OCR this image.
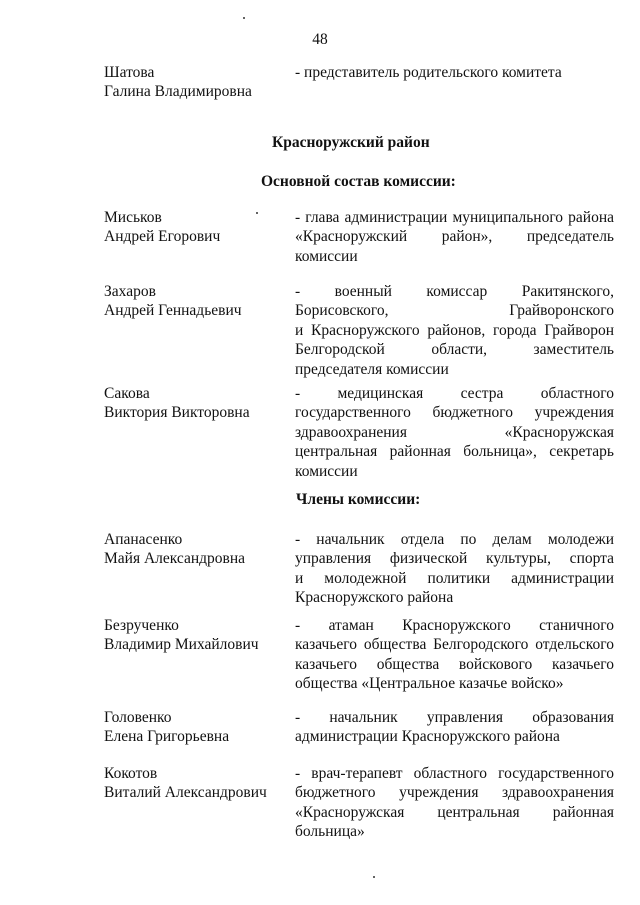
48
Шатова
Галина Владимировна
- представитель родительского комитета
Красноружский район
Основной состав комиссии:
Миськов
Андрей Егорович
- глава администрации муниципального района
«Красноружский район», председатель
комиссии
Захаров
Андрей Геннадьевич
- военный комиссар Ракитянского,
Борисовского, Грайворонского
и Красноружского районов, города Грайворон
Белгородской области, заместитель
председателя комиссии
Сакова
Виктория Викторовна
- медицинская сестра областного
государственного бюджетного учреждения
здравоохранения «Красноружская
центральная районная больница», секретарь
комиссии
Члены комиссии:
Апанасенко
Майя Александровна
- начальник отдела по делам молодежи
управления физической культуры, спорта
и молодежной политики администрации
Красноружского района
Безрученко
Владимир Михайлович
- атаман Красноружского станичного
казачьего общества Белгородского отдельского
казачьего общества войскового казачьего
общества «Центральное казачье войско»
Головенко
Елена Григорьевна
- начальник управления образования
администрации Красноружского района
Кокотов
Виталий Александрович
- врач-терапевт областного государственного
бюджетного учреждения здравоохранения
«Красноружская центральная районная
больница»
